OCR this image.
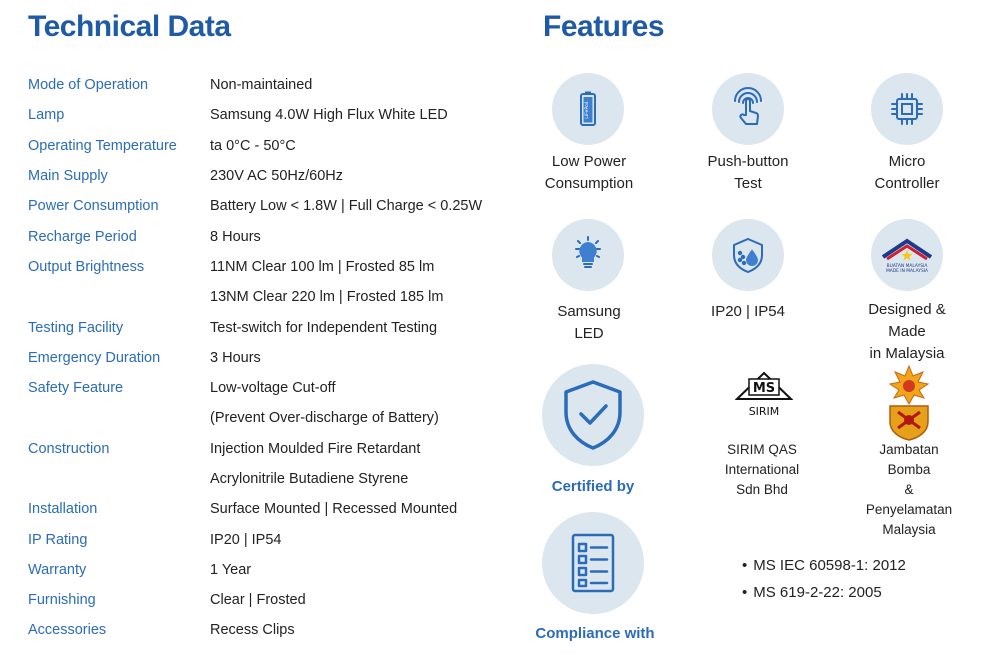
Technical Data	Features
Mode of Operation	Non-maintained
Lamp	Samsung 4.0W High Flux White LED
Operating Temperature	ta 0°C - 50°C
Main Supply	230V AC 50Hz/60Hz
Power Consumption	Battery Low < 1.8W | Full Charge < 0.25W
Recharge Period	8 Hours
Output Brightness	11NM Clear 100 lm | Frosted 85 lm
13NM Clear 220 lm | Frosted 185 lm
Testing Facility	Test-switch for Independent Testing
Emergency Duration	3 Hours
Safety Feature	Low-voltage Cut-off
(Prevent Over-discharge of Battery)
Construction	Injection Moulded Fire Retardant
Acrylonitrile Butadiene Styrene
Installation	Surface Mounted | Recessed Mounted
IP Rating	IP20 | IP54
Warranty	1 Year
Furnishing	Clear | Frosted
Accessories	Recess Clips
LiFePo4
Low Power
Consumption
Push-button
Test
Micro
Controller
Samsung
LED
IP20 | IP54
BUATAN MALAYSIA
MADE IN MALAYSIA
Designed &
Made
in Malaysia
Certified by
MS
SIRIM
SIRIM QAS
International
Sdn Bhd
Jambatan Bomba
& Penyelamatan
Malaysia
Compliance with
• MS IEC 60598-1: 2012
• MS 619-2-22: 2005
